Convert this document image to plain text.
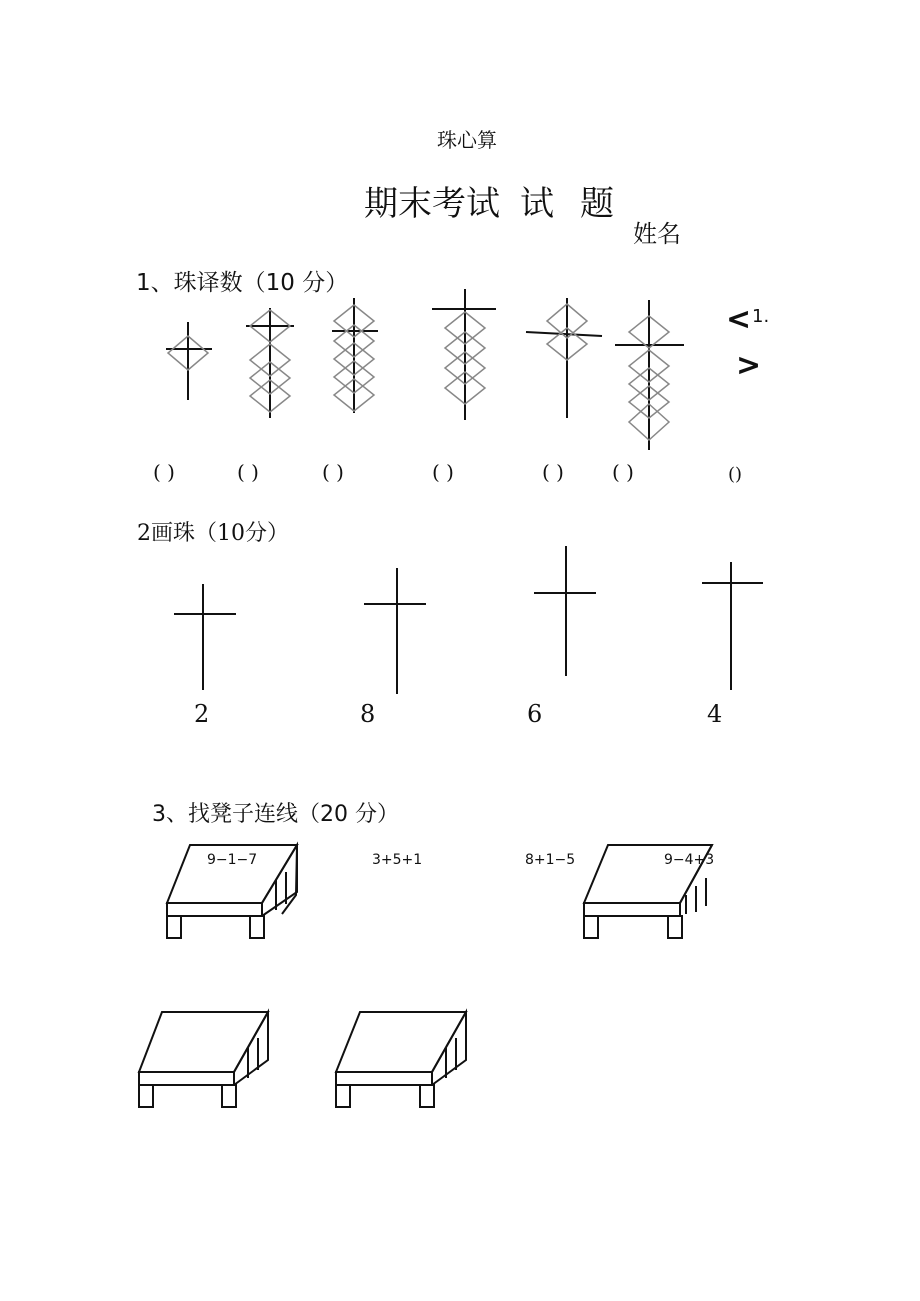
珠心算
期末考试 试 题
姓名
1、珠译数（10 分）
< 1.
>
( )	( )	( )	( )	( ) ( )	()
2画珠（10分）
2	8	6	4
3、找凳子连线（20 分）
9−1−7	3+5+1	8+1−5	9−4+3
